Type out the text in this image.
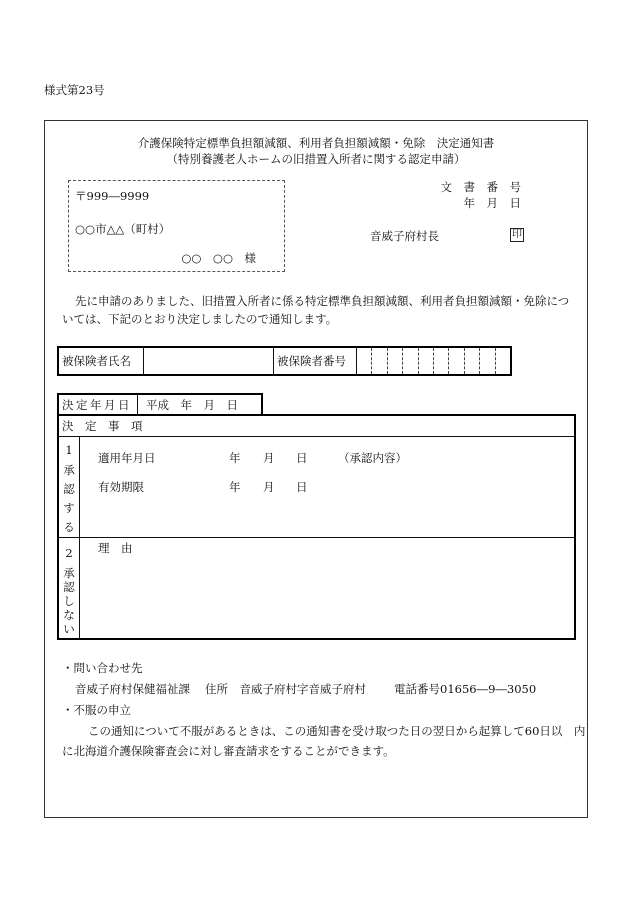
様式第23号
介護保険特定標準負担額減額、利用者負担額減額・免除　決定通知書
（特別養護老人ホームの旧措置入所者に関する認定申請）
〒999―9999
○○市△△（町村）
○○　○○　様
文　書　番　号
年　月　日
音威子府村長	印
先に申請のありました、旧措置入所者に係る特定標準負担額減額、利用者負担額減額・免除につ
いては、下記のとおり決定しましたので通知します。
被保険者氏名	被保険者番号
決定年月日	平成　年　月　日
決　定　事　項
1
承認する
適用年月日	年 月 日	（承認内容）
有効期限	年 月 日
2
承認しない
理　由
・問い合わせ先
音威子府村保健福祉課 住所　音威子府村字音威子府村 電話番号01656―9―3050
・不服の申立
この通知について不服があるときは、この通知書を受け取つた日の翌日から起算して60日以　内
に北海道介護保険審査会に対し審査請求をすることができます。
